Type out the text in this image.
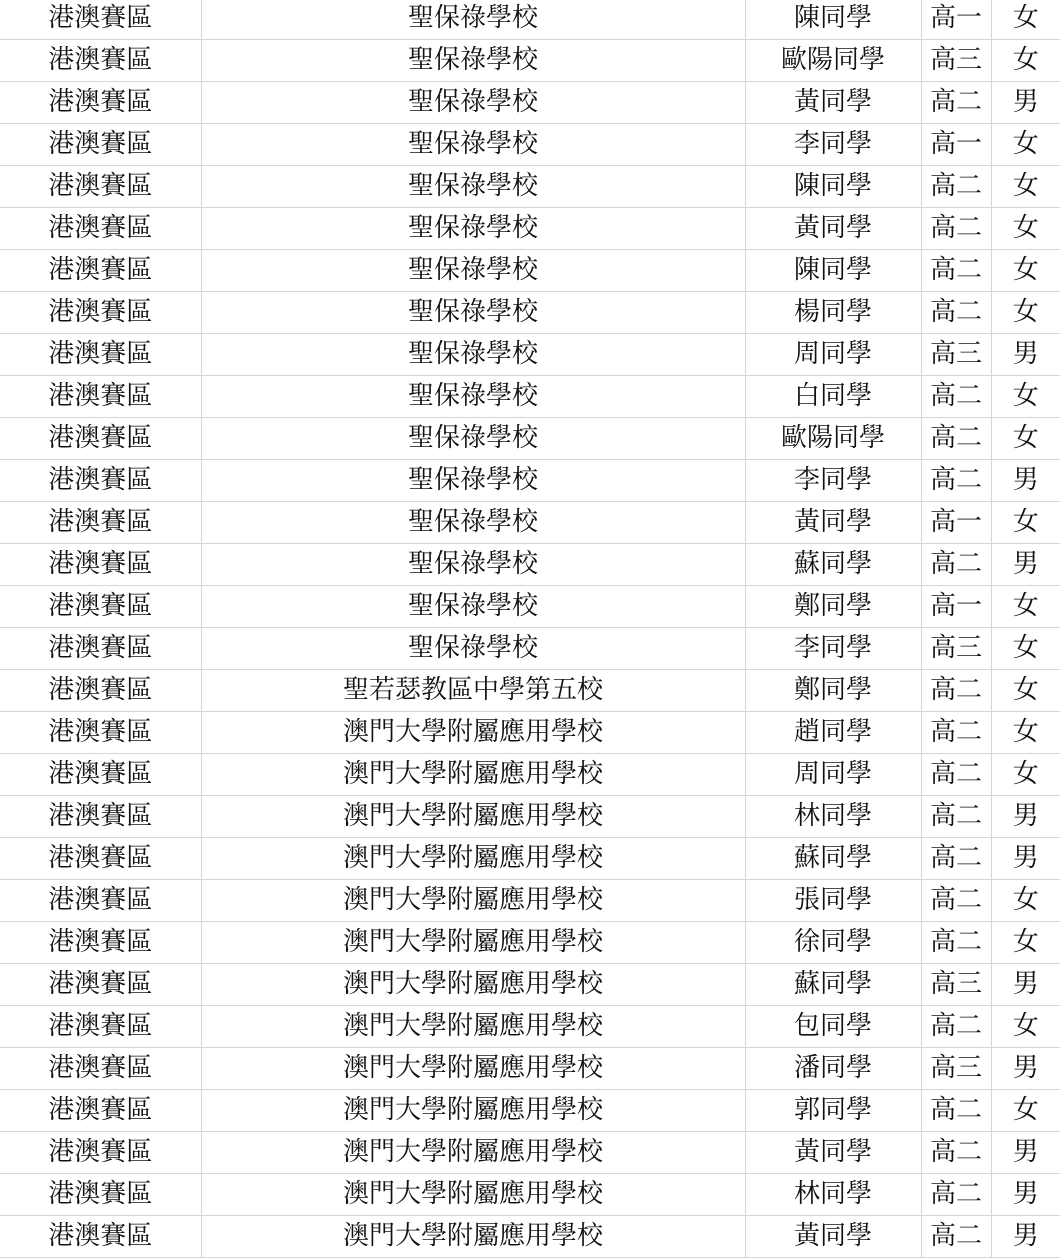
港澳賽區	聖保祿學校	陳同學	高一	女
港澳賽區	聖保祿學校	歐陽同學	高三	女
港澳賽區	聖保祿學校	黃同學	高二	男
港澳賽區	聖保祿學校	李同學	高一	女
港澳賽區	聖保祿學校	陳同學	高二	女
港澳賽區	聖保祿學校	黃同學	高二	女
港澳賽區	聖保祿學校	陳同學	高二	女
港澳賽區	聖保祿學校	楊同學	高二	女
港澳賽區	聖保祿學校	周同學	高三	男
港澳賽區	聖保祿學校	白同學	高二	女
港澳賽區	聖保祿學校	歐陽同學	高二	女
港澳賽區	聖保祿學校	李同學	高二	男
港澳賽區	聖保祿學校	黃同學	高一	女
港澳賽區	聖保祿學校	蘇同學	高二	男
港澳賽區	聖保祿學校	鄭同學	高一	女
港澳賽區	聖保祿學校	李同學	高三	女
港澳賽區	聖若瑟教區中學第五校	鄭同學	高二	女
港澳賽區	澳門大學附屬應用學校	趙同學	高二	女
港澳賽區	澳門大學附屬應用學校	周同學	高二	女
港澳賽區	澳門大學附屬應用學校	林同學	高二	男
港澳賽區	澳門大學附屬應用學校	蘇同學	高二	男
港澳賽區	澳門大學附屬應用學校	張同學	高二	女
港澳賽區	澳門大學附屬應用學校	徐同學	高二	女
港澳賽區	澳門大學附屬應用學校	蘇同學	高三	男
港澳賽區	澳門大學附屬應用學校	包同學	高二	女
港澳賽區	澳門大學附屬應用學校	潘同學	高三	男
港澳賽區	澳門大學附屬應用學校	郭同學	高二	女
港澳賽區	澳門大學附屬應用學校	黃同學	高二	男
港澳賽區	澳門大學附屬應用學校	林同學	高二	男
港澳賽區	澳門大學附屬應用學校	黃同學	高二	男
